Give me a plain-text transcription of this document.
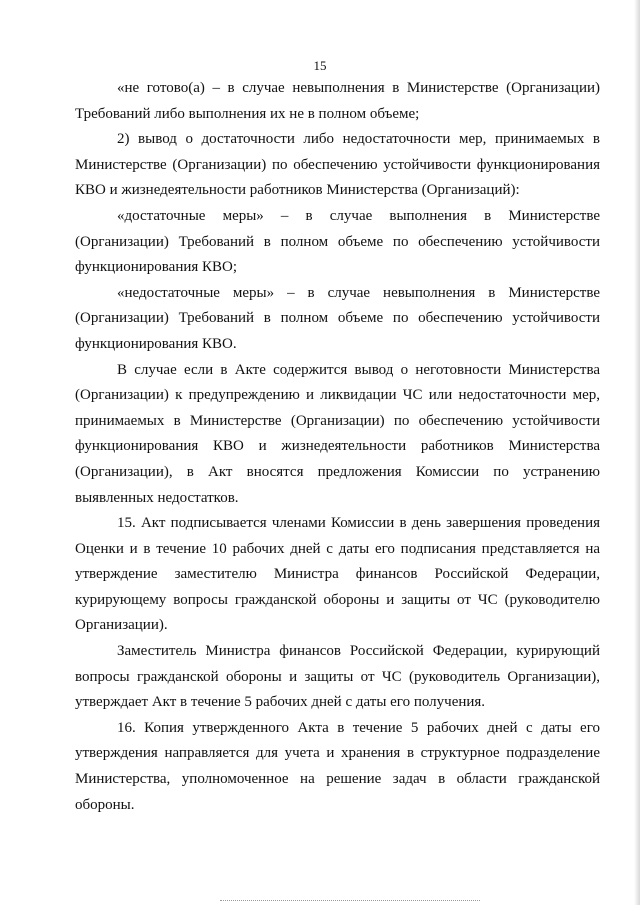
15

«не готово(а) – в случае невыполнения в Министерстве (Организации) Требований либо выполнения их не в полном объеме;

2) вывод о достаточности либо недостаточности мер, принимаемых в Министерстве (Организации) по обеспечению устойчивости функционирования КВО и жизнедеятельности работников Министерства (Организаций):

«достаточные меры» – в случае выполнения в Министерстве (Организации) Требований в полном объеме по обеспечению устойчивости функционирования КВО;

«недостаточные меры» – в случае невыполнения в Министерстве (Организации) Требований в полном объеме по обеспечению устойчивости функционирования КВО.

В случае если в Акте содержится вывод о неготовности Министерства (Организации) к предупреждению и ликвидации ЧС или недостаточности мер, принимаемых в Министерстве (Организации) по обеспечению устойчивости функционирования КВО и жизнедеятельности работников Министерства (Организации), в Акт вносятся предложения Комиссии по устранению выявленных недостатков.

15. Акт подписывается членами Комиссии в день завершения проведения Оценки и в течение 10 рабочих дней с даты его подписания представляется на утверждение заместителю Министра финансов Российской Федерации, курирующему вопросы гражданской обороны и защиты от ЧС (руководителю Организации).

Заместитель Министра финансов Российской Федерации, курирующий вопросы гражданской обороны и защиты от ЧС (руководитель Организации), утверждает Акт в течение 5 рабочих дней с даты его получения.

16. Копия утвержденного Акта в течение 5 рабочих дней с даты его утверждения направляется для учета и хранения в структурное подразделение Министерства, уполномоченное на решение задач в области гражданской обороны.
